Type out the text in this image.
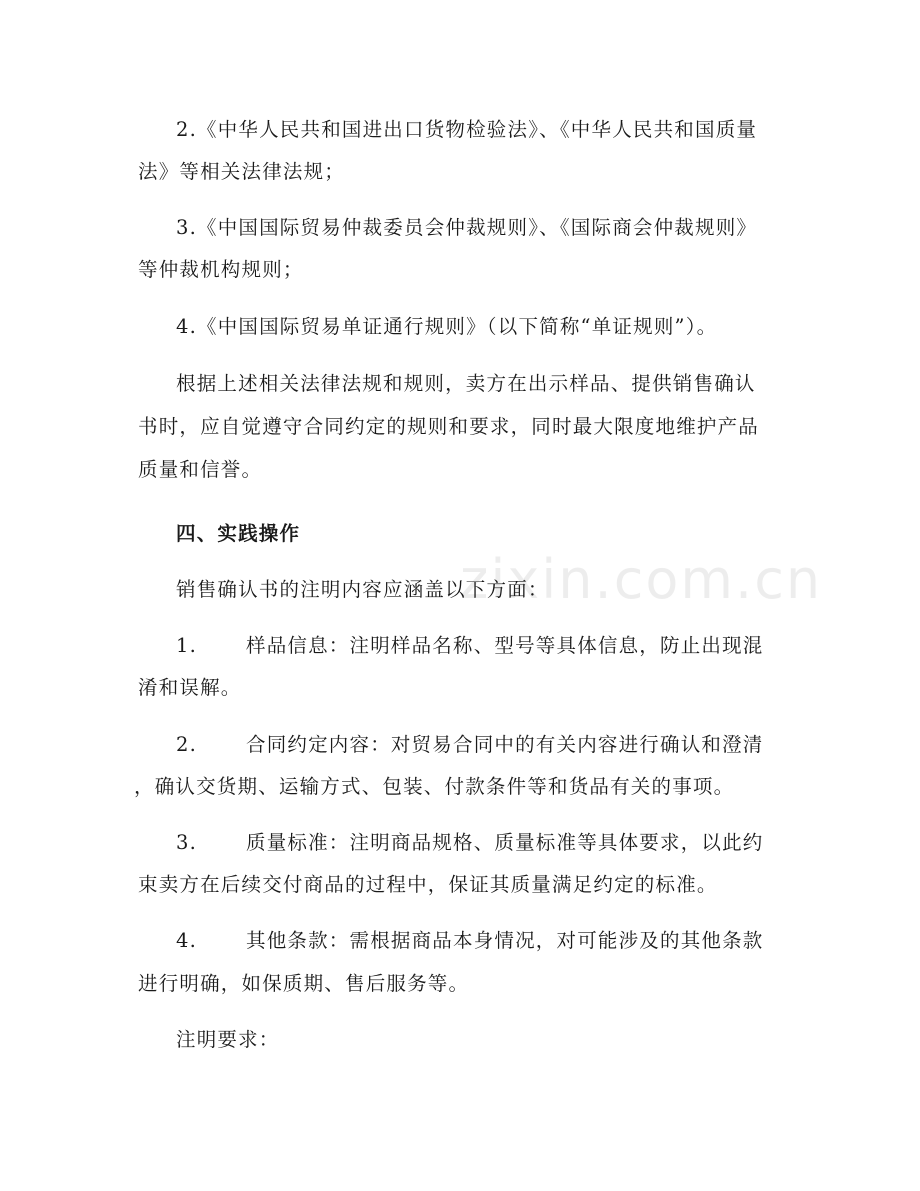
zixin.com.cn
2.《中华人民共和国进出口货物检验法》、《中华人民共和国质量
法》等相关法律法规；
3.《中国国际贸易仲裁委员会仲裁规则》、《国际商会仲裁规则》
等仲裁机构规则；
4.《中国国际贸易单证通行规则》（以下简称“单证规则”）。
根据上述相关法律法规和规则，卖方在出示样品、提供销售确认
书时，应自觉遵守合同约定的规则和要求，同时最大限度地维护产品
质量和信誉。
四、实践操作
销售确认书的注明内容应涵盖以下方面：
1.	样品信息：注明样品名称、型号等具体信息，防止出现混
淆和误解。
2.	合同约定内容：对贸易合同中的有关内容进行确认和澄清
，确认交货期、运输方式、包装、付款条件等和货品有关的事项。
3.	质量标准：注明商品规格、质量标准等具体要求，以此约
束卖方在后续交付商品的过程中，保证其质量满足约定的标准。
4.	其他条款：需根据商品本身情况，对可能涉及的其他条款
进行明确，如保质期、售后服务等。
注明要求：
